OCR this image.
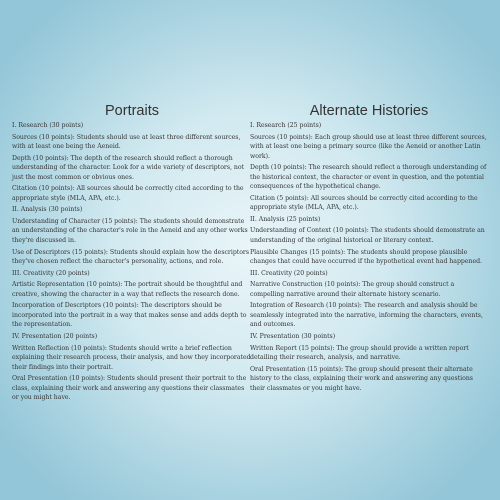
Portraits

I. Research (30 points)

Sources (10 points): Students should use at least three different sources, with at least one being the Aeneid.

Depth (10 points): The depth of the research should reflect a thorough understanding of the character. Look for a wide variety of descriptors, not just the most common or obvious ones.

Citation (10 points): All sources should be correctly cited according to the appropriate style (MLA, APA, etc.).

II. Analysis (30 points)

Understanding of Character (15 points): The students should demonstrate an understanding of the character's role in the Aeneid and any other works they're discussed in.

Use of Descriptors (15 points): Students should explain how the descriptors they've chosen reflect the character's personality, actions, and role.

III. Creativity (20 points)

Artistic Representation (10 points): The portrait should be thoughtful and creative, showing the character in a way that reflects the research done.

Incorporation of Descriptors (10 points): The descriptors should be incorporated into the portrait in a way that makes sense and adds depth to the representation.

IV. Presentation (20 points)

Written Reflection (10 points): Students should write a brief reflection explaining their research process, their analysis, and how they incorporated their findings into their portrait.

Oral Presentation (10 points): Students should present their portrait to the class, explaining their work and answering any questions their classmates or you might have.

Alternate Histories

I. Research (25 points)

Sources (10 points): Each group should use at least three different sources, with at least one being a primary source (like the Aeneid or another Latin work).

Depth (10 points): The research should reflect a thorough understanding of the historical context, the character or event in question, and the potential consequences of the hypothetical change.

Citation (5 points): All sources should be correctly cited according to the appropriate style (MLA, APA, etc.).

II. Analysis (25 points)

Understanding of Context (10 points): The students should demonstrate an understanding of the original historical or literary context.

Plausible Changes (15 points): The students should propose plausible changes that could have occurred if the hypothetical event had happened.

III. Creativity (20 points)

Narrative Construction (10 points): The group should construct a compelling narrative around their alternate history scenario.

Integration of Research (10 points): The research and analysis should be seamlessly integrated into the narrative, informing the characters, events, and outcomes.

IV. Presentation (30 points)

Written Report (15 points): The group should provide a written report detailing their research, analysis, and narrative.

Oral Presentation (15 points): The group should present their alternate history to the class, explaining their work and answering any questions their classmates or you might have.
